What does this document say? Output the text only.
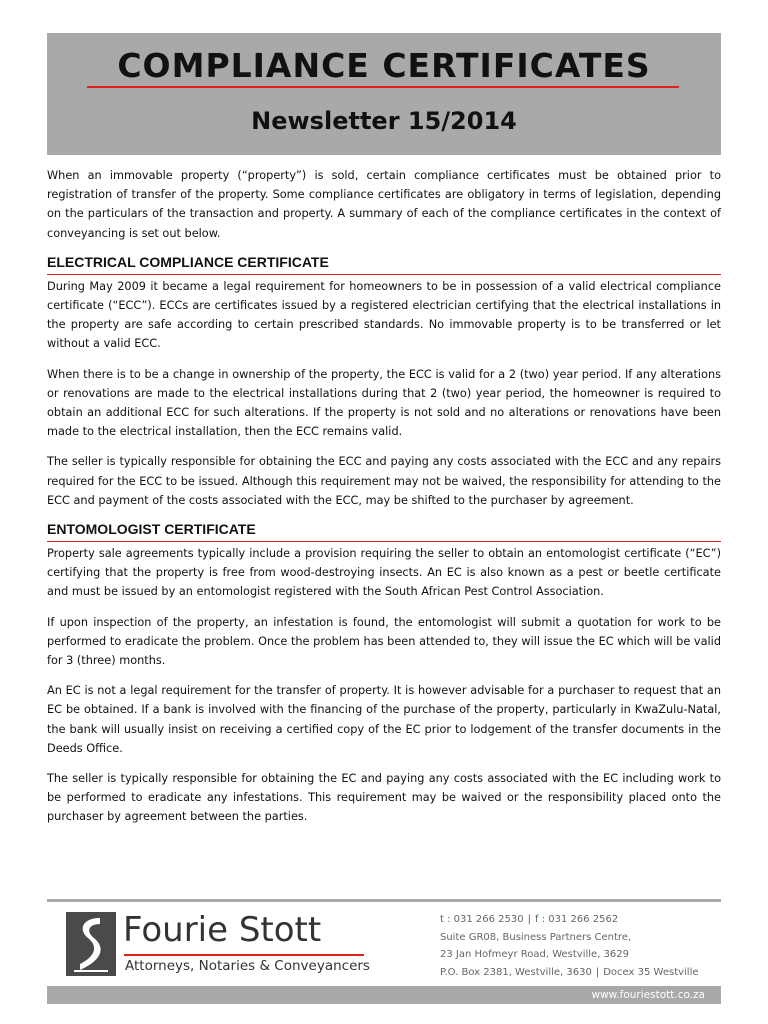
COMPLIANCE CERTIFICATES
Newsletter 15/2014

When an immovable property (“property”) is sold, certain compliance certificates must be obtained prior to registration of transfer of the property. Some compliance certificates are obligatory in terms of legislation, depending on the particulars of the transaction and property. A summary of each of the compliance certificates in the context of conveyancing is set out below.

ELECTRICAL COMPLIANCE CERTIFICATE

During May 2009 it became a legal requirement for homeowners to be in possession of a valid electrical compliance certificate (“ECC”). ECCs are certificates issued by a registered electrician certifying that the electrical installations in the property are safe according to certain prescribed standards. No immovable property is to be transferred or let without a valid ECC.

When there is to be a change in ownership of the property, the ECC is valid for a 2 (two) year period. If any alterations or renovations are made to the electrical installations during that 2 (two) year period, the homeowner is required to obtain an additional ECC for such alterations. If the property is not sold and no alterations or renovations have been made to the electrical installation, then the ECC remains valid.

The seller is typically responsible for obtaining the ECC and paying any costs associated with the ECC and any repairs required for the ECC to be issued. Although this requirement may not be waived, the responsibility for attending to the ECC and payment of the costs associated with the ECC, may be shifted to the purchaser by agreement.

ENTOMOLOGIST CERTIFICATE

Property sale agreements typically include a provision requiring the seller to obtain an entomologist certificate (“EC”) certifying that the property is free from wood-destroying insects. An EC is also known as a pest or beetle certificate and must be issued by an entomologist registered with the South African Pest Control Association.

If upon inspection of the property, an infestation is found, the entomologist will submit a quotation for work to be performed to eradicate the problem. Once the problem has been attended to, they will issue the EC which will be valid for 3 (three) months.

An EC is not a legal requirement for the transfer of property. It is however advisable for a purchaser to request that an EC be obtained. If a bank is involved with the financing of the purchase of the property, particularly in KwaZulu-Natal, the bank will usually insist on receiving a certified copy of the EC prior to lodgement of the transfer documents in the Deeds Office.

The seller is typically responsible for obtaining the EC and paying any costs associated with the EC including work to be performed to eradicate any infestations. This requirement may be waived or the responsibility placed onto the purchaser by agreement between the parties.

Fourie Stott
Attorneys, Notaries & Conveyancers
t : 031 266 2530 | f : 031 266 2562
Suite GR08, Business Partners Centre,
23 Jan Hofmeyr Road, Westville, 3629
P.O. Box 2381, Westville, 3630 | Docex 35 Westville
www.fouriestott.co.za
